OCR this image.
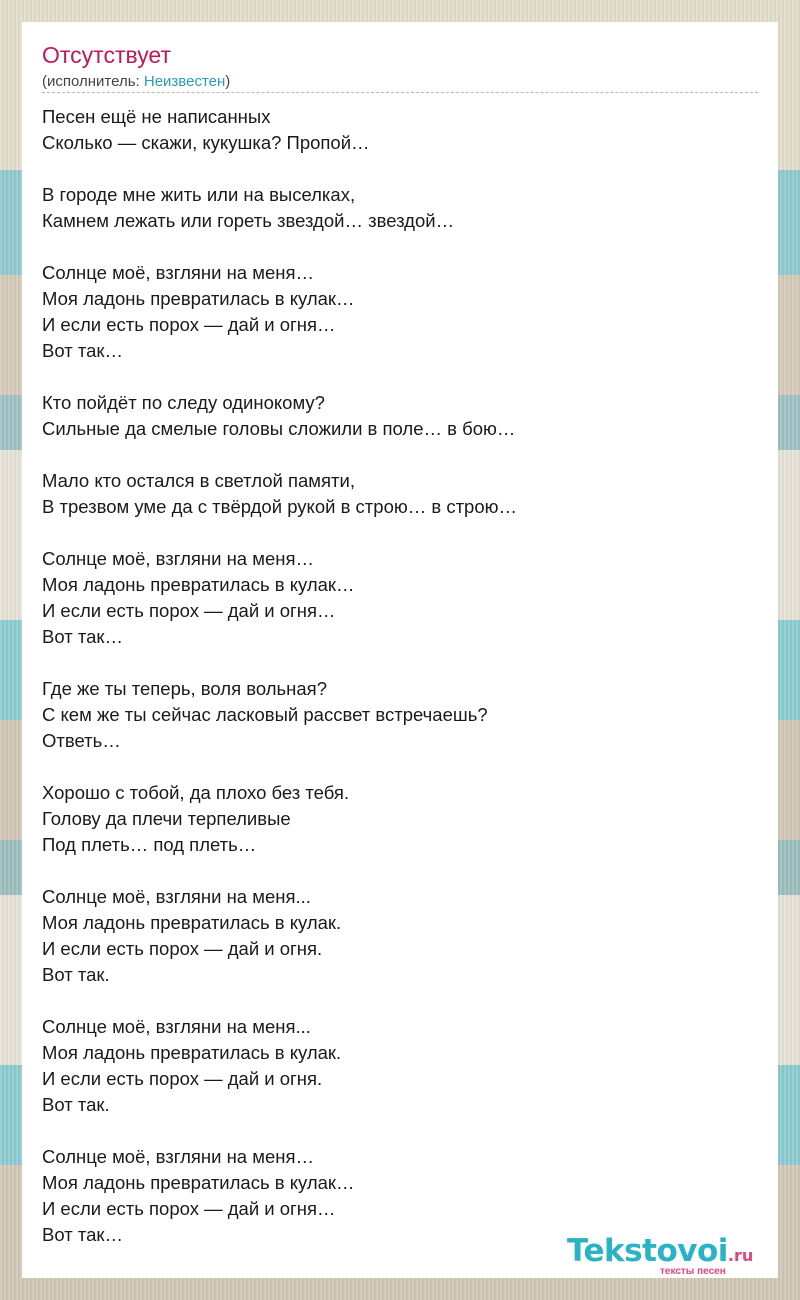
Отсутствует
(исполнитель: Неизвестен)
Песен ещё не написанных
Сколько — скажи, кукушка? Пропой…
В городе мне жить или на выселках,
Камнем лежать или гореть звездой… звездой…
Солнце моё, взгляни на меня…
Моя ладонь превратилась в кулак…
И если есть порох — дай и огня…
Вот так…
Кто пойдёт по следу одинокому?
Сильные да смелые головы сложили в поле… в бою…
Мало кто остался в светлой памяти,
В трезвом уме да с твёрдой рукой в строю… в строю…
Солнце моё, взгляни на меня…
Моя ладонь превратилась в кулак…
И если есть порох — дай и огня…
Вот так…
Где же ты теперь, воля вольная?
С кем же ты сейчас ласковый рассвет встречаешь?
Ответь…
Хорошо с тобой, да плохо без тебя.
Голову да плечи терпеливые
Под плеть… под плеть…
Солнце моё, взгляни на меня...
Моя ладонь превратилась в кулак.
И если есть порох — дай и огня.
Вот так.
Солнце моё, взгляни на меня...
Моя ладонь превратилась в кулак.
И если есть порох — дай и огня.
Вот так.
Солнце моё, взгляни на меня…
Моя ладонь превратилась в кулак…
И если есть порох — дай и огня…
Вот так…	Tekstovoi.ru
тексты песен
